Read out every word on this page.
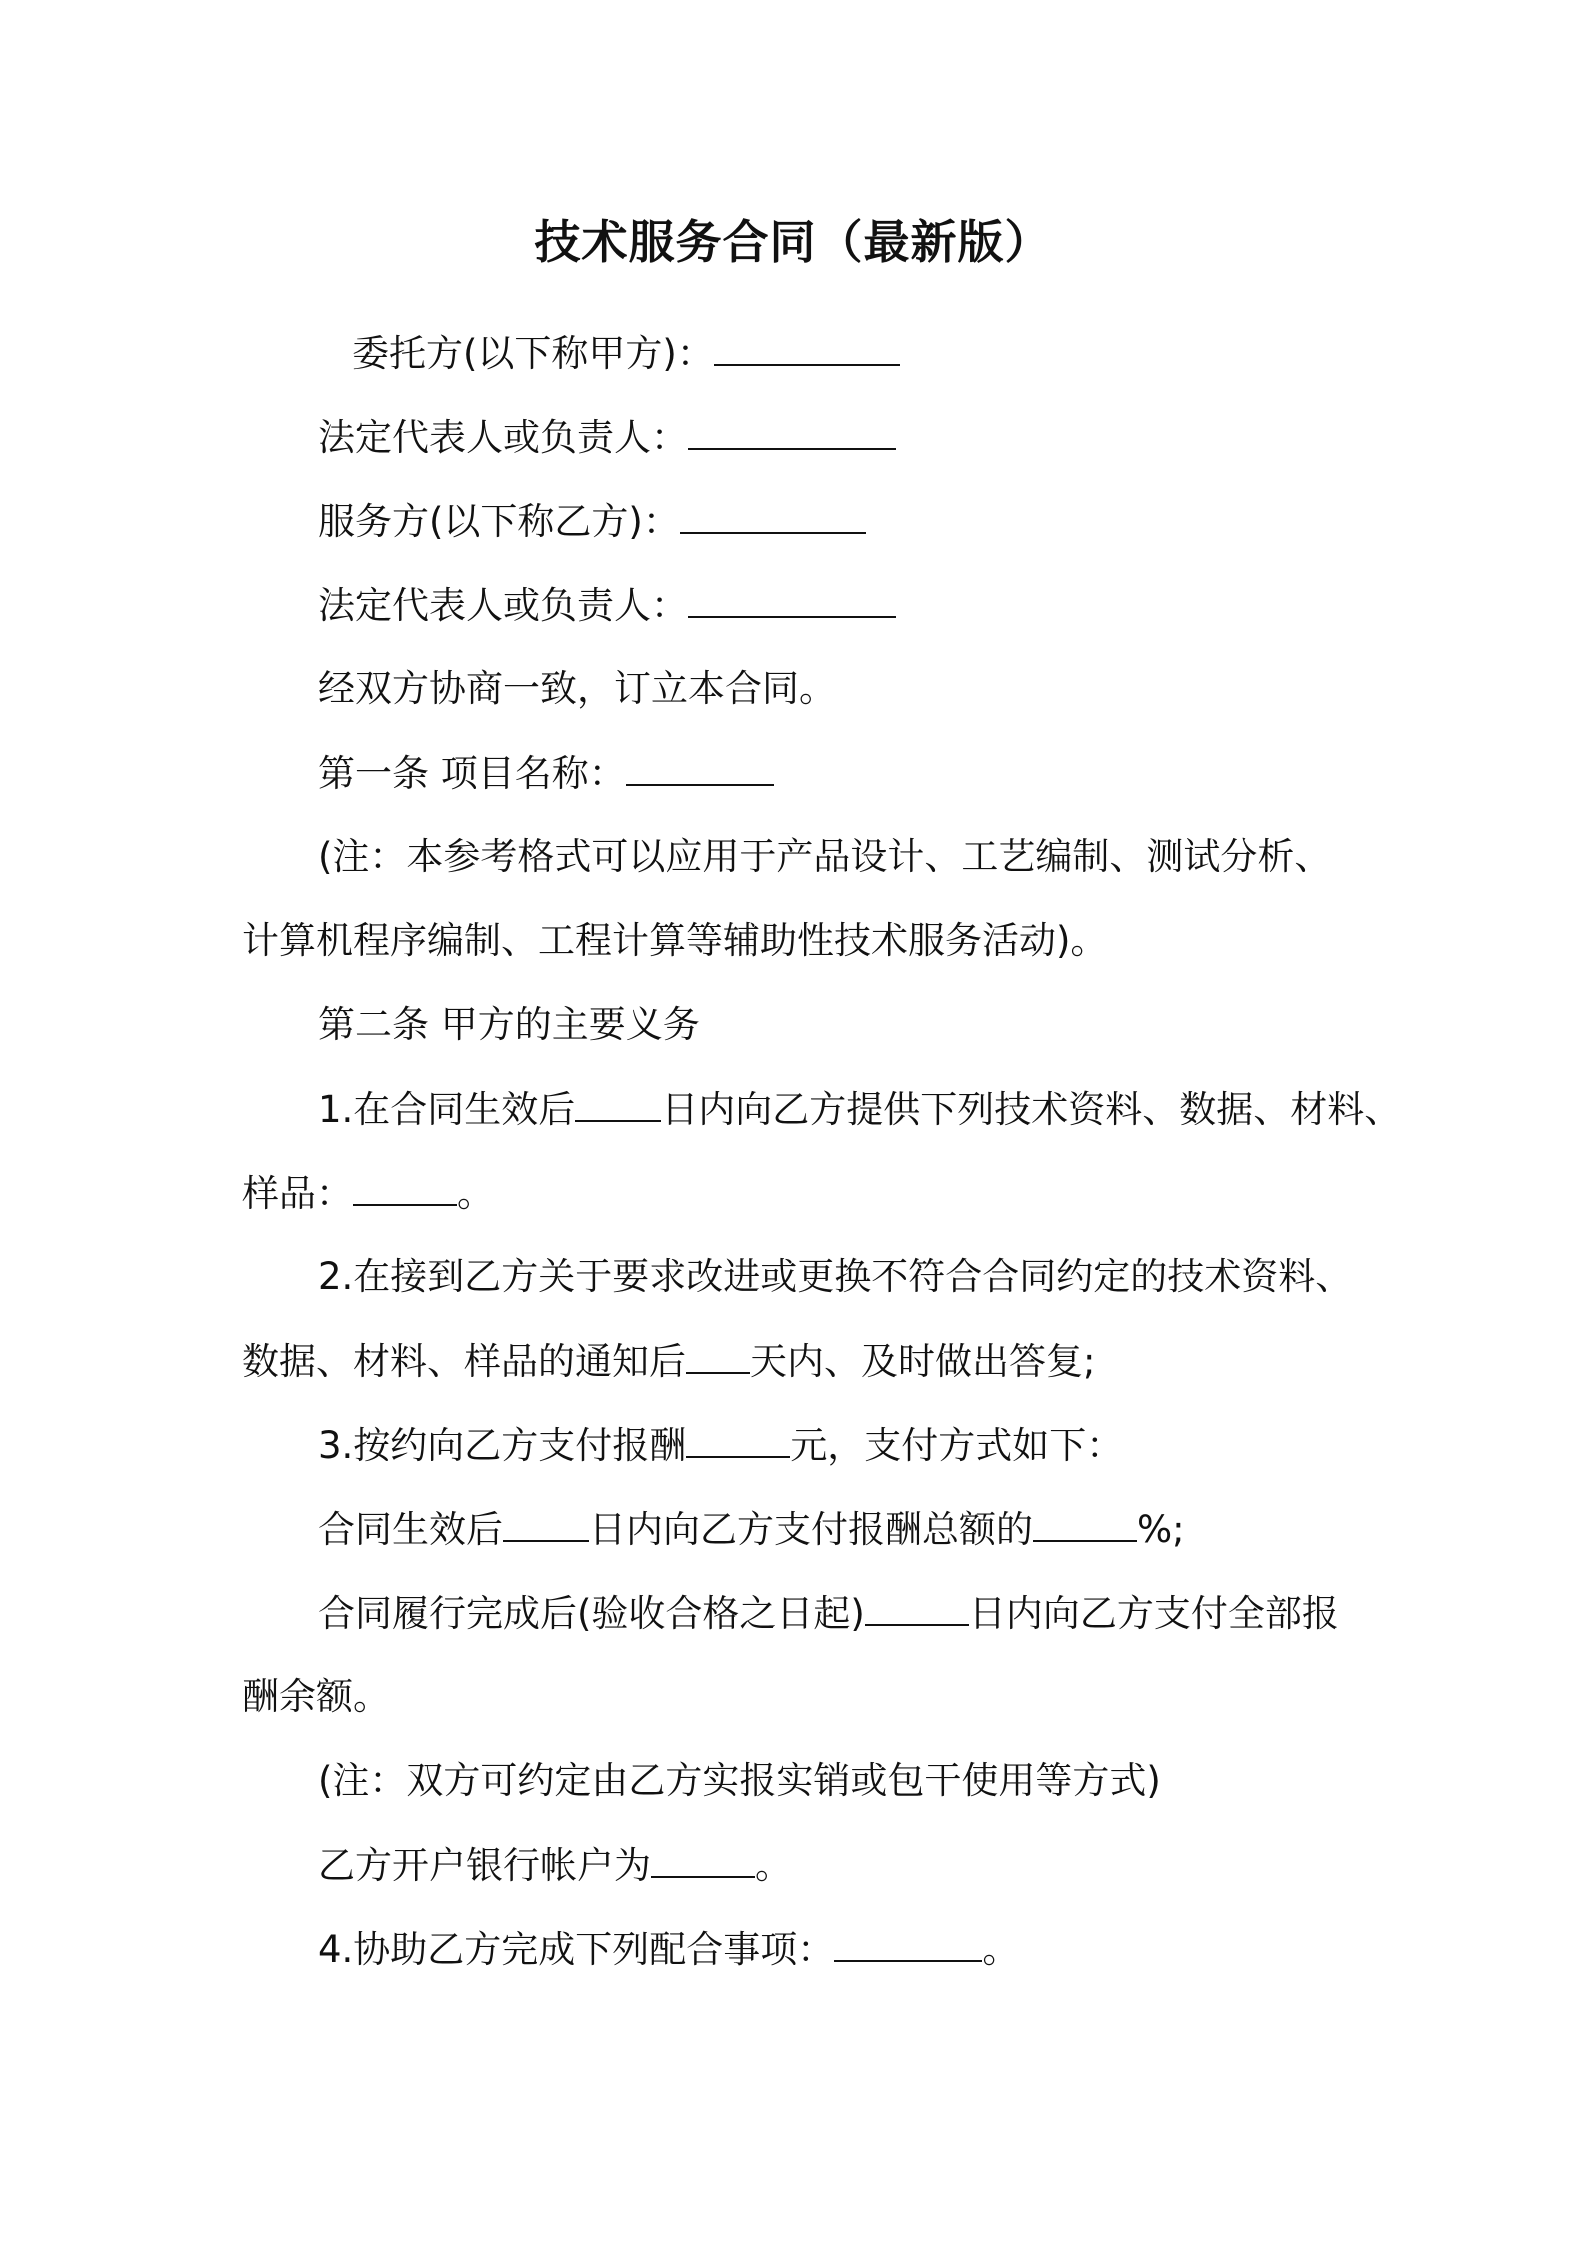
技术服务合同（最新版）

委托方(以下称甲方)：

法定代表人或负责人：

服务方(以下称乙方)：

法定代表人或负责人：

经双方协商一致，订立本合同。

第一条 项目名称：

(注：本参考格式可以应用于产品设计、工艺编制、测试分析、

计算机程序编制、工程计算等辅助性技术服务活动)。

第二条 甲方的主要义务

1.在合同生效后 日内向乙方提供下列技术资料、数据、材料、

样品：	。

2.在接到乙方关于要求改进或更换不符合合同约定的技术资料、

数据、材料、样品的通知后 天内、及时做出答复;

3.按约向乙方支付报酬	元，支付方式如下：

合同生效后 日内向乙方支付报酬总额的	%;

合同履行完成后(验收合格之日起)	日内向乙方支付全部报

酬余额。

(注：双方可约定由乙方实报实销或包干使用等方式)

乙方开户银行帐户为	。

4.协助乙方完成下列配合事项：	。
